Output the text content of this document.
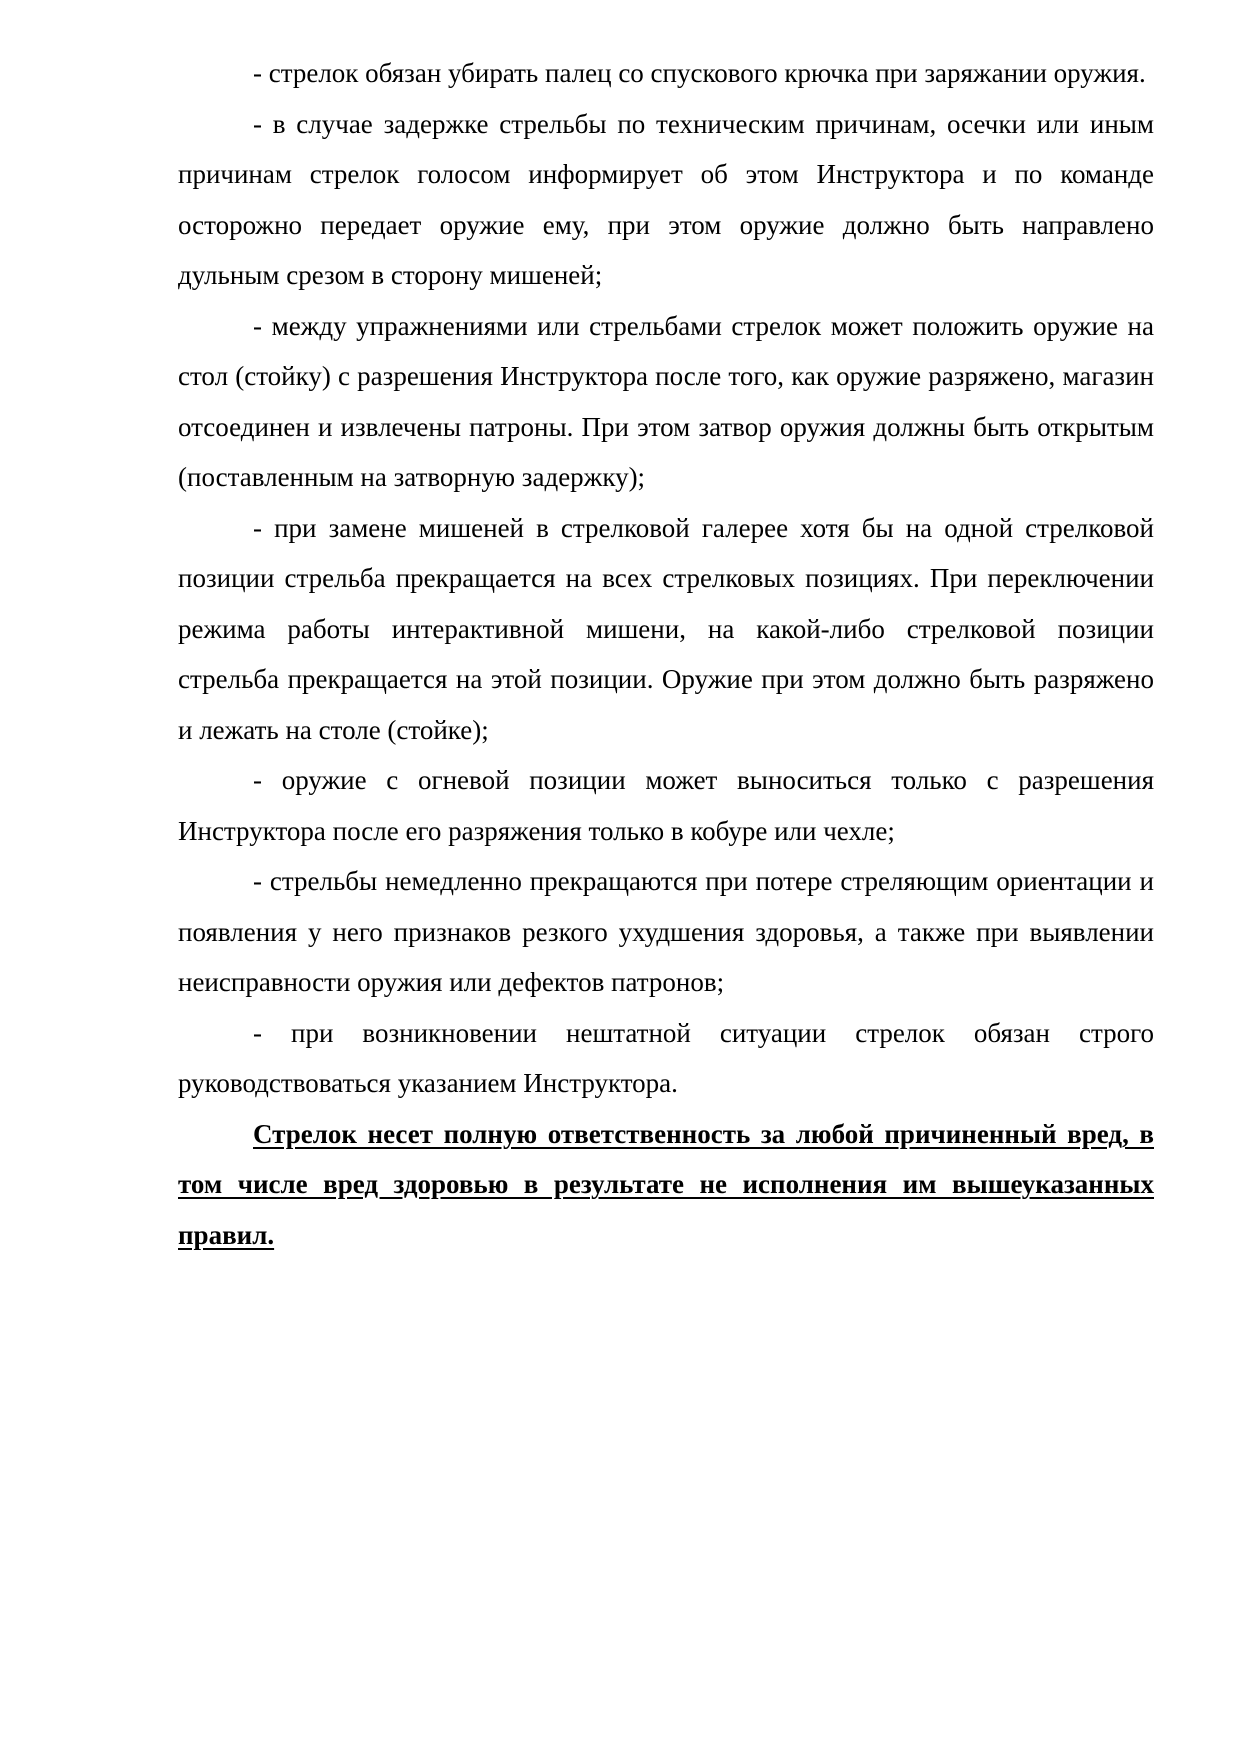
- стрелок обязан убирать палец со спускового крючка при заряжании оружия.

- в случае задержке стрельбы по техническим причинам, осечки или иным причинам стрелок голосом информирует об этом Инструктора и по команде осторожно передает оружие ему, при этом оружие должно быть направлено дульным срезом в сторону мишеней;

- между упражнениями или стрельбами стрелок может положить оружие на стол (стойку) с разрешения Инструктора после того, как оружие разряжено, магазин отсоединен и извлечены патроны. При этом затвор оружия должны быть открытым (поставленным на затворную задержку);

- при замене мишеней в стрелковой галерее хотя бы на одной стрелковой позиции стрельба прекращается на всех стрелковых позициях. При переключении режима работы интерактивной мишени, на какой-либо стрелковой позиции стрельба прекращается на этой позиции. Оружие при этом должно быть разряжено и лежать на столе (стойке);

- оружие с огневой позиции может выноситься только с разрешения Инструктора после его разряжения только в кобуре или чехле;

- стрельбы немедленно прекращаются при потере стреляющим ориентации и появления у него признаков резкого ухудшения здоровья, а также при выявлении неисправности оружия или дефектов патронов;

- при возникновении нештатной ситуации стрелок обязан строго руководствоваться указанием Инструктора.

Стрелок несет полную ответственность за любой причиненный вред, в том числе вред здоровью в результате не исполнения им вышеуказанных правил.
